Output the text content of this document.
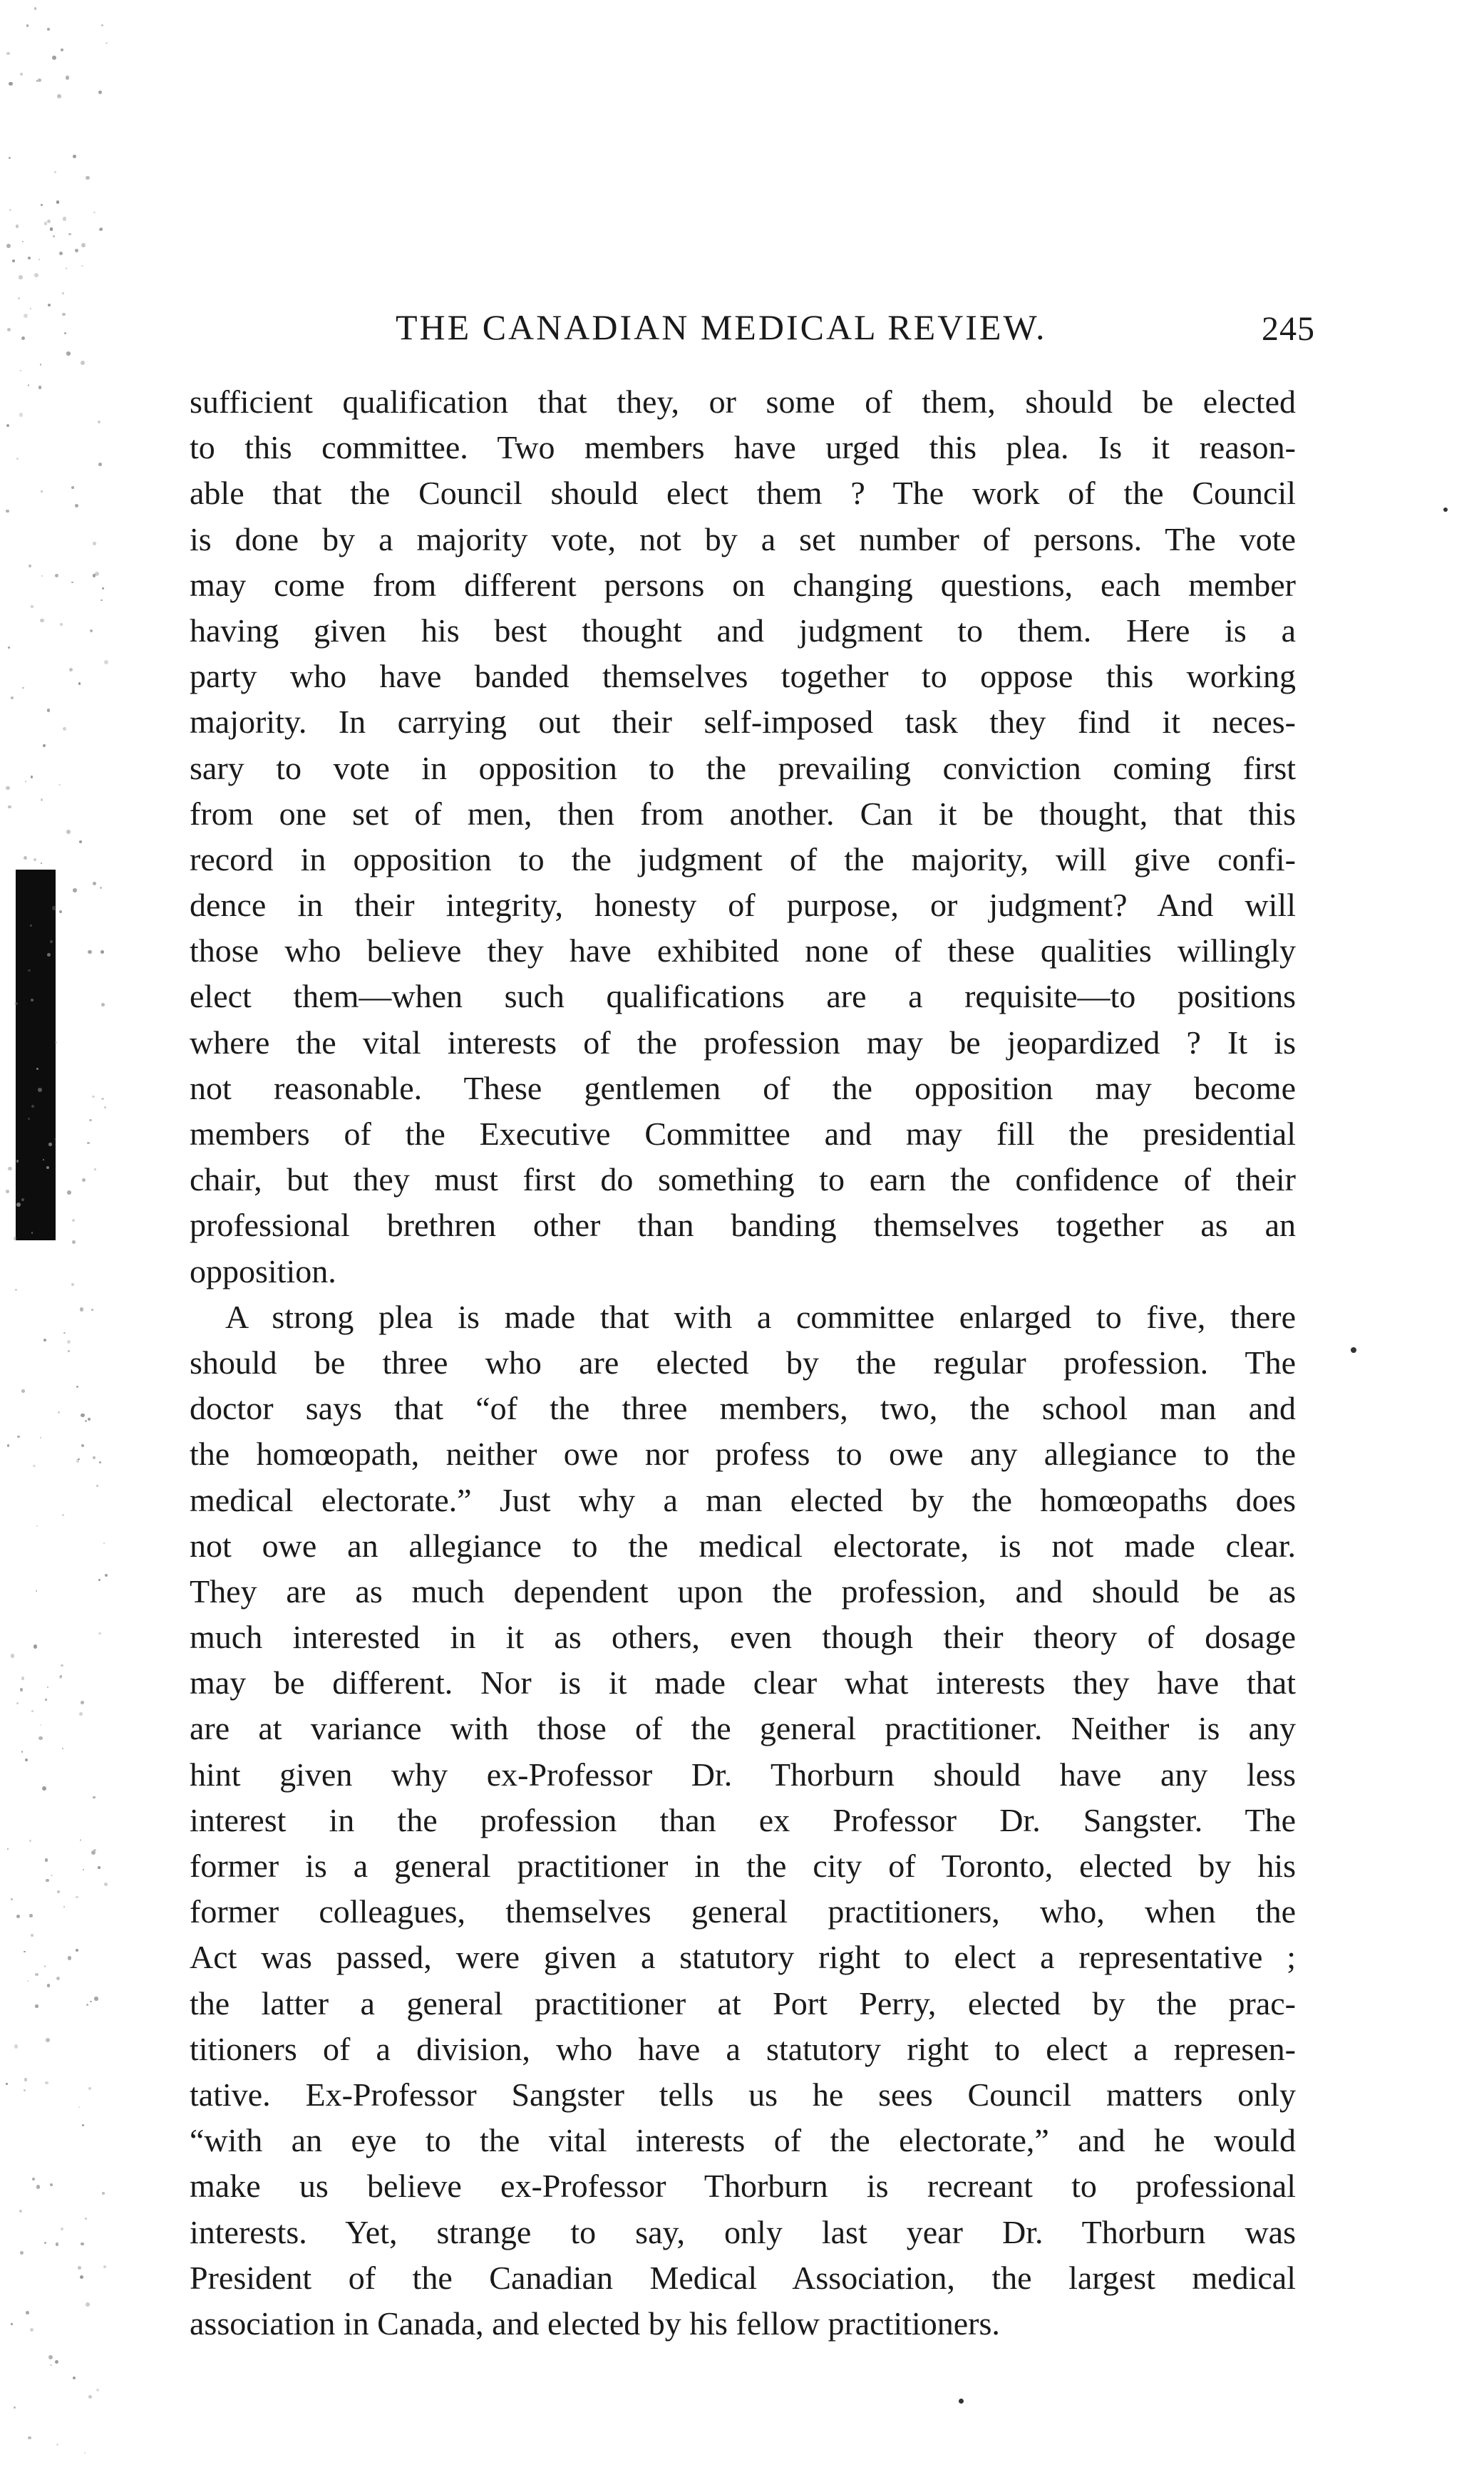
THE CANADIAN MEDICAL REVIEW.	245
sufficient qualification that they, or some of them, should be elected
to this committee. Two members have urged this plea. Is it reason-
able that the Council should elect them ? The work of the Council
is done by a majority vote, not by a set number of persons. The vote
may come from different persons on changing questions, each member
having given his best thought and judgment to them. Here is a
party who have banded themselves together to oppose this working
majority. In carrying out their self-imposed task they find it neces-
sary to vote in opposition to the prevailing conviction coming first
from one set of men, then from another. Can it be thought, that this
record in opposition to the judgment of the majority, will give confi-
dence in their integrity, honesty of purpose, or judgment? And will
those who believe they have exhibited none of these qualities willingly
elect them—when such qualifications are a requisite—to positions
where the vital interests of the profession may be jeopardized ? It is
not reasonable. These gentlemen of the opposition may become
members of the Executive Committee and may fill the presidential
chair, but they must first do something to earn the confidence of their
professional brethren other than banding themselves together as an
opposition.
A strong plea is made that with a committee enlarged to five, there
should be three who are elected by the regular profession. The
doctor says that “of the three members, two, the school man and
the homœopath, neither owe nor profess to owe any allegiance to the
medical electorate.” Just why a man elected by the homœopaths does
not owe an allegiance to the medical electorate, is not made clear.
They are as much dependent upon the profession, and should be as
much interested in it as others, even though their theory of dosage
may be different. Nor is it made clear what interests they have that
are at variance with those of the general practitioner. Neither is any
hint given why ex-Professor Dr. Thorburn should have any less
interest in the profession than ex Professor Dr. Sangster. The
former is a general practitioner in the city of Toronto, elected by his
former colleagues, themselves general practitioners, who, when the
Act was passed, were given a statutory right to elect a representative ;
the latter a general practitioner at Port Perry, elected by the prac-
titioners of a division, who have a statutory right to elect a represen-
tative. Ex-Professor Sangster tells us he sees Council matters only
“with an eye to the vital interests of the electorate,” and he would
make us believe ex-Professor Thorburn is recreant to professional
interests. Yet, strange to say, only last year Dr. Thorburn was
President of the Canadian Medical Association, the largest medical
association in Canada, and elected by his fellow practitioners.
